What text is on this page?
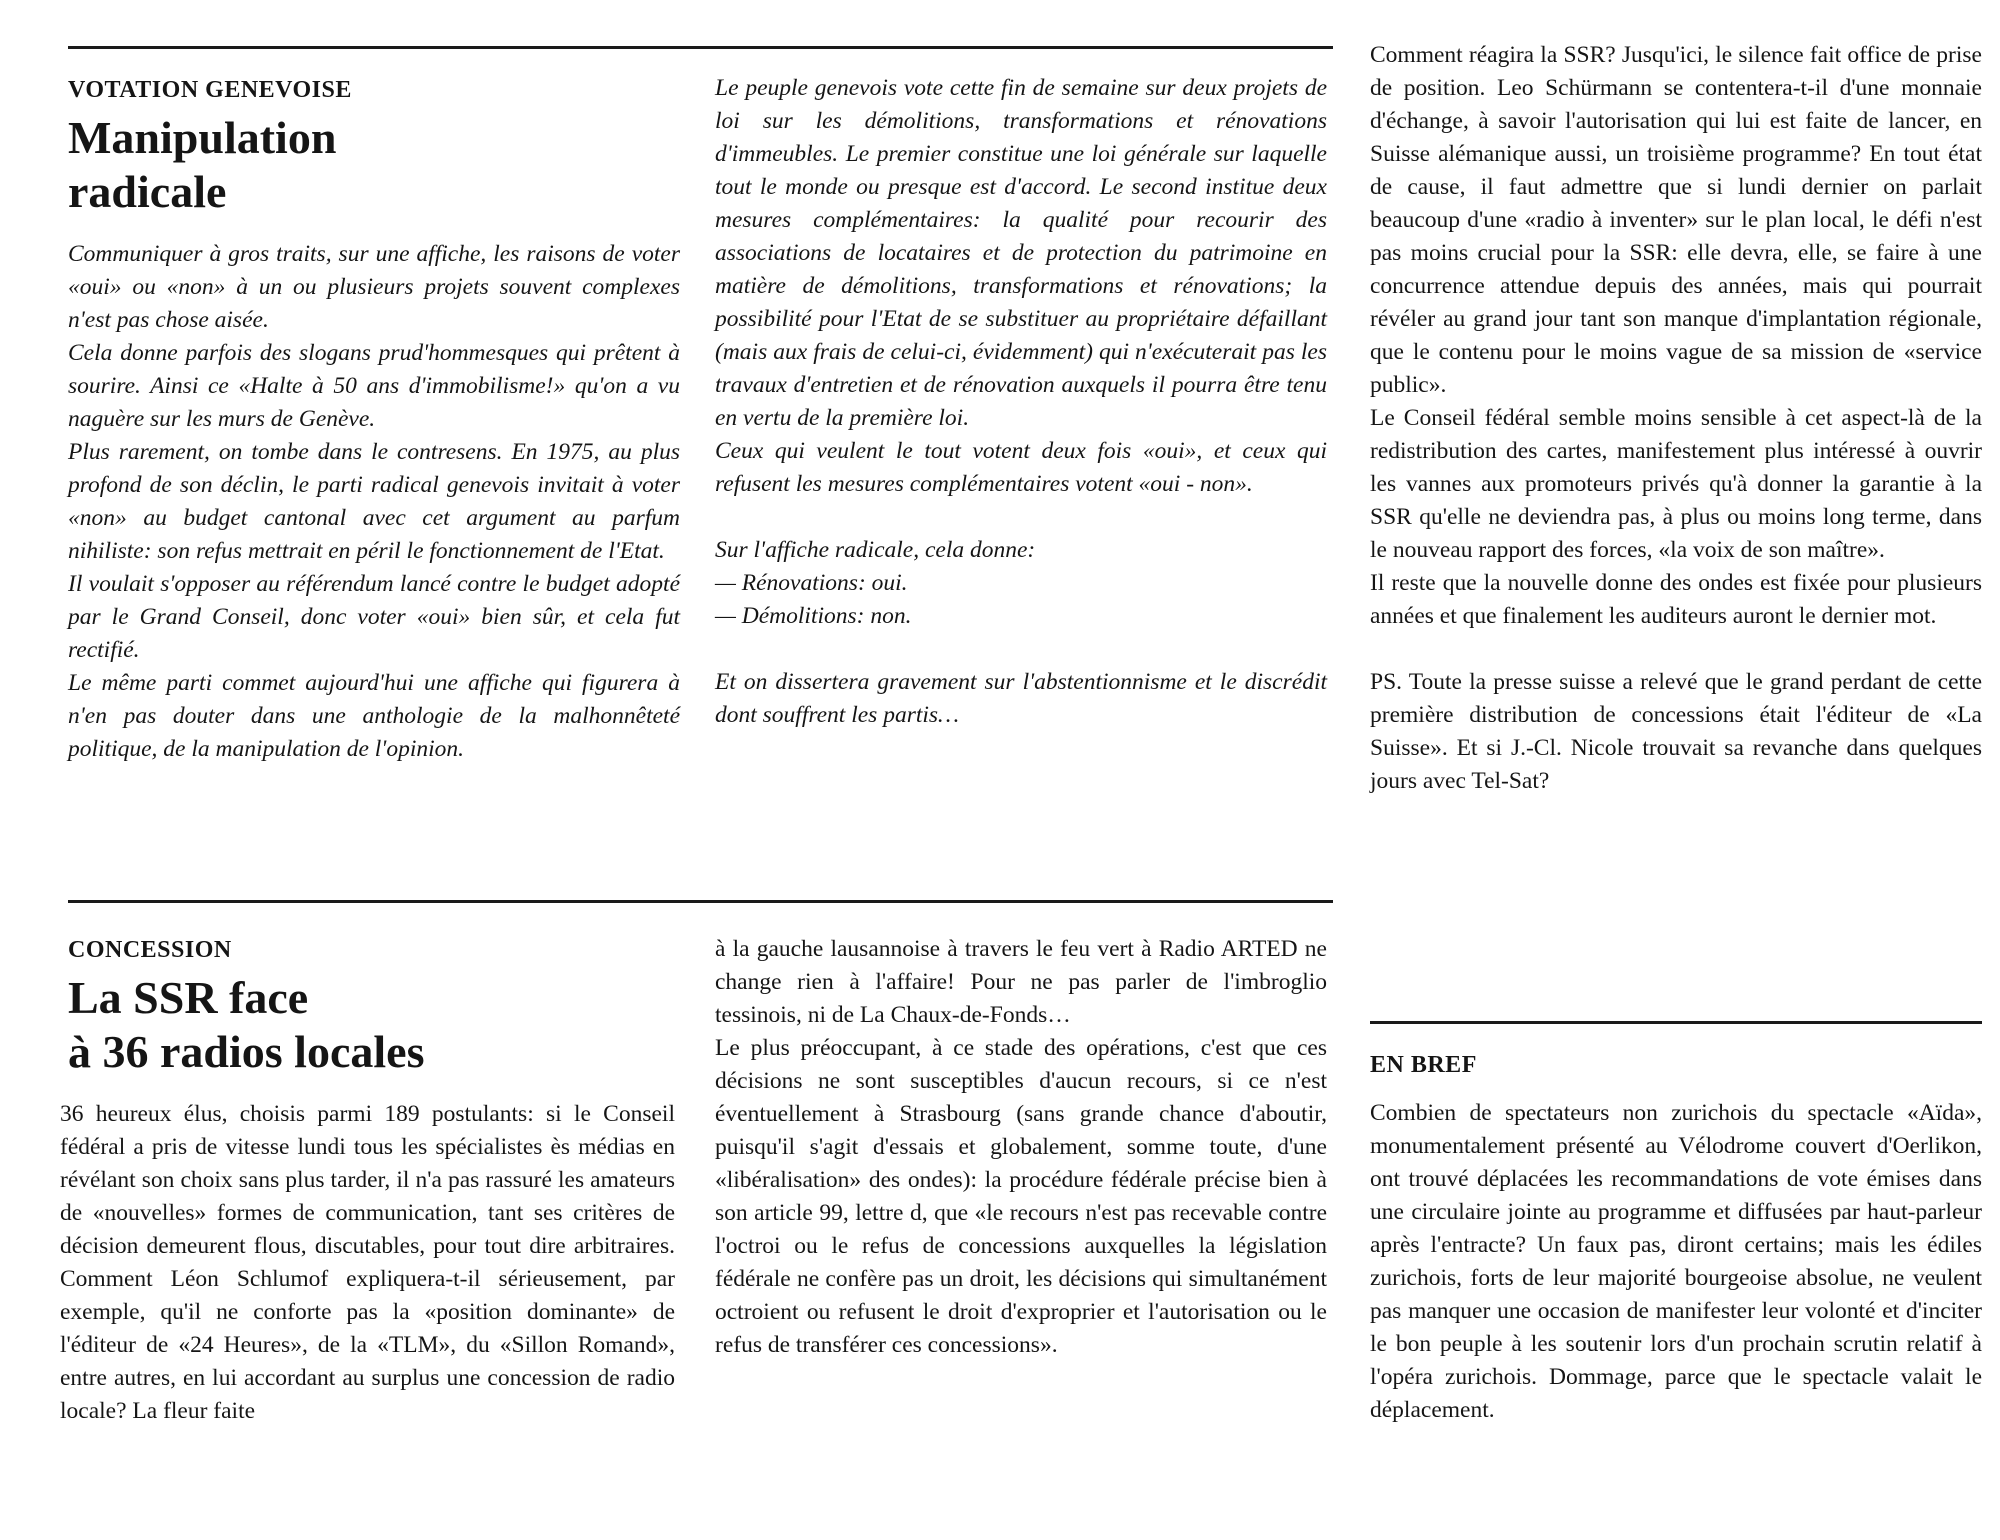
VOTATION GENEVOISE
Manipulation
radicale

Communiquer à gros traits, sur une affiche, les raisons de voter «oui» ou «non» à un ou plusieurs projets souvent complexes n'est pas chose aisée.

Cela donne parfois des slogans prud'hommesques qui prêtent à sourire. Ainsi ce «Halte à 50 ans d'immobilisme!» qu'on a vu naguère sur les murs de Genève.

Plus rarement, on tombe dans le contresens. En 1975, au plus profond de son déclin, le parti radical genevois invitait à voter «non» au budget cantonal avec cet argument au parfum nihiliste: son refus mettrait en péril le fonctionnement de l'Etat.

Il voulait s'opposer au référendum lancé contre le budget adopté par le Grand Conseil, donc voter «oui» bien sûr, et cela fut rectifié.

Le même parti commet aujourd'hui une affiche qui figurera à n'en pas douter dans une anthologie de la malhonnêteté politique, de la manipulation de l'opinion.

Le peuple genevois vote cette fin de semaine sur deux projets de loi sur les démolitions, transformations et rénovations d'immeubles. Le premier constitue une loi générale sur laquelle tout le monde ou presque est d'accord. Le second institue deux mesures complémentaires: la qualité pour recourir des associations de locataires et de protection du patrimoine en matière de démolitions, transformations et rénovations; la possibilité pour l'Etat de se substituer au propriétaire défaillant (mais aux frais de celui-ci, évidemment) qui n'exécuterait pas les travaux d'entretien et de rénovation auxquels il pourra être tenu en vertu de la première loi.

Ceux qui veulent le tout votent deux fois «oui», et ceux qui refusent les mesures complémentaires votent «oui - non».

Sur l'affiche radicale, cela donne:

— Rénovations: oui.

— Démolitions: non.

Et on dissertera gravement sur l'abstentionnisme et le discrédit dont souffrent les partis…

CONCESSION
La SSR face
à 36 radios locales

36 heureux élus, choisis parmi 189 postulants: si le Conseil fédéral a pris de vitesse lundi tous les spécialistes ès médias en révélant son choix sans plus tarder, il n'a pas rassuré les amateurs de «nouvelles» formes de communication, tant ses critères de décision demeurent flous, discutables, pour tout dire arbitraires. Comment Léon Schlumof expliquera-t-il sérieusement, par exemple, qu'il ne conforte pas la «position dominante» de l'éditeur de «24 Heures», de la «TLM», du «Sillon Romand», entre autres, en lui accordant au surplus une concession de radio locale? La fleur faite

à la gauche lausannoise à travers le feu vert à Radio ARTED ne change rien à l'affaire! Pour ne pas parler de l'imbroglio tessinois, ni de La Chaux-de-Fonds…

Le plus préoccupant, à ce stade des opérations, c'est que ces décisions ne sont susceptibles d'aucun recours, si ce n'est éventuellement à Strasbourg (sans grande chance d'aboutir, puisqu'il s'agit d'essais et globalement, somme toute, d'une «libéralisation» des ondes): la procédure fédérale précise bien à son article 99, lettre d, que «le recours n'est pas recevable contre l'octroi ou le refus de concessions auxquelles la législation fédérale ne confère pas un droit, les décisions qui simultanément octroient ou refusent le droit d'exproprier et l'autorisation ou le refus de transférer ces concessions».

Comment réagira la SSR? Jusqu'ici, le silence fait office de prise de position. Leo Schürmann se contentera-t-il d'une monnaie d'échange, à savoir l'autorisation qui lui est faite de lancer, en Suisse alémanique aussi, un troisième programme? En tout état de cause, il faut admettre que si lundi dernier on parlait beaucoup d'une «radio à inventer» sur le plan local, le défi n'est pas moins crucial pour la SSR: elle devra, elle, se faire à une concurrence attendue depuis des années, mais qui pourrait révéler au grand jour tant son manque d'implantation régionale, que le contenu pour le moins vague de sa mission de «service public».

Le Conseil fédéral semble moins sensible à cet aspect-là de la redistribution des cartes, manifestement plus intéressé à ouvrir les vannes aux promoteurs privés qu'à donner la garantie à la SSR qu'elle ne deviendra pas, à plus ou moins long terme, dans le nouveau rapport des forces, «la voix de son maître».

Il reste que la nouvelle donne des ondes est fixée pour plusieurs années et que finalement les auditeurs auront le dernier mot.

PS. Toute la presse suisse a relevé que le grand perdant de cette première distribution de concessions était l'éditeur de «La Suisse». Et si J.-Cl. Nicole trouvait sa revanche dans quelques jours avec Tel-Sat?

EN BREF

Combien de spectateurs non zurichois du spectacle «Aïda», monumentalement présenté au Vélodrome couvert d'Oerlikon, ont trouvé déplacées les recommandations de vote émises dans une circulaire jointe au programme et diffusées par haut-parleur après l'entracte? Un faux pas, diront certains; mais les édiles zurichois, forts de leur majorité bourgeoise absolue, ne veulent pas manquer une occasion de manifester leur volonté et d'inciter le bon peuple à les soutenir lors d'un prochain scrutin relatif à l'opéra zurichois. Dommage, parce que le spectacle valait le déplacement.
